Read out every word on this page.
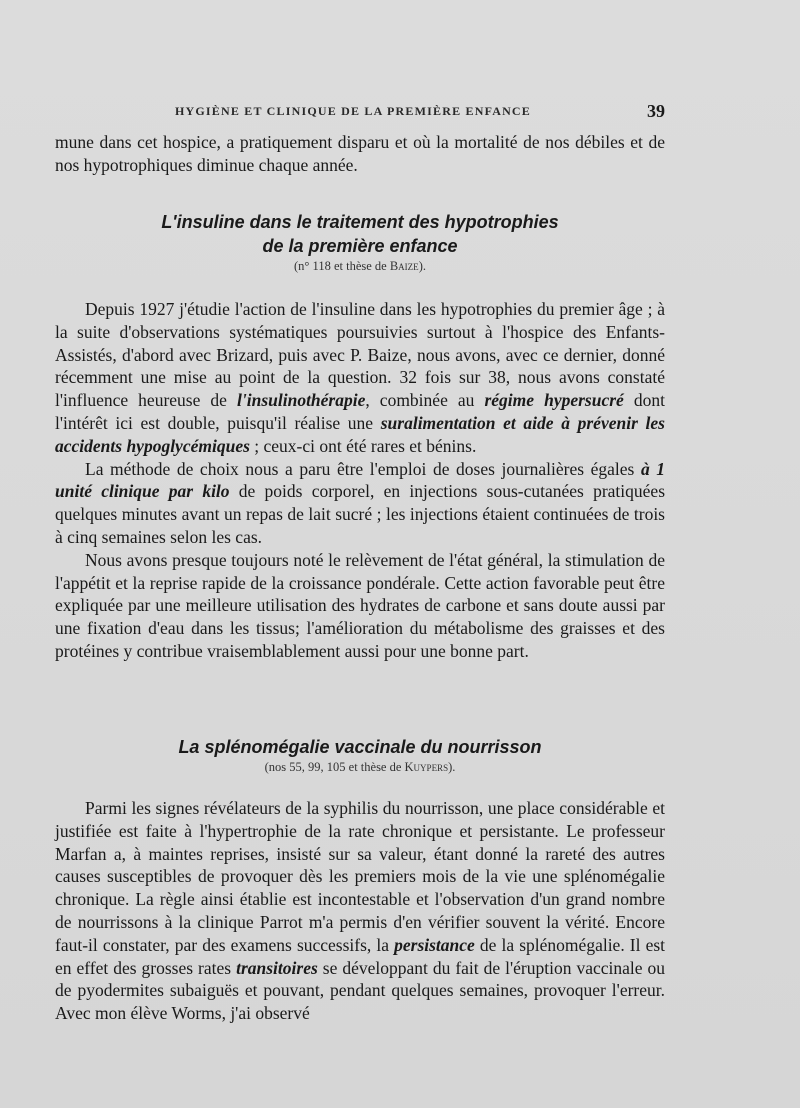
HYGIÈNE ET CLINIQUE DE LA PREMIÈRE ENFANCE	39

mune dans cet hospice, a pratiquement disparu et où la mortalité de nos débiles et de nos hypotrophiques diminue chaque année.

L'insuline dans le traitement des hypotrophies
de la première enfance
(n° 118 et thèse de Baize).

Depuis 1927 j'étudie l'action de l'insuline dans les hypotrophies du premier âge ; à la suite d'observations systématiques poursuivies surtout à l'hospice des Enfants-Assistés, d'abord avec Brizard, puis avec P. Baize, nous avons, avec ce dernier, donné récemment une mise au point de la question. 32 fois sur 38, nous avons constaté l'influence heureuse de l'insulinothérapie, combinée au régime hypersucré dont l'intérêt ici est double, puisqu'il réalise une suralimentation et aide à prévenir les accidents hypoglycémiques ; ceux-ci ont été rares et bénins.

La méthode de choix nous a paru être l'emploi de doses journalières égales à 1 unité clinique par kilo de poids corporel, en injections sous-cutanées pratiquées quelques minutes avant un repas de lait sucré ; les injections étaient continuées de trois à cinq semaines selon les cas.

Nous avons presque toujours noté le relèvement de l'état général, la stimulation de l'appétit et la reprise rapide de la croissance pondérale. Cette action favorable peut être expliquée par une meilleure utilisation des hydrates de carbone et sans doute aussi par une fixation d'eau dans les tissus; l'amélioration du métabolisme des graisses et des protéines y contribue vraisemblablement aussi pour une bonne part.

La splénomégalie vaccinale du nourrisson
(nos 55, 99, 105 et thèse de Kuypers).

Parmi les signes révélateurs de la syphilis du nourrisson, une place considérable et justifiée est faite à l'hypertrophie de la rate chronique et persistante. Le professeur Marfan a, à maintes reprises, insisté sur sa valeur, étant donné la rareté des autres causes susceptibles de provoquer dès les premiers mois de la vie une splénomégalie chronique. La règle ainsi établie est incontestable et l'observation d'un grand nombre de nourrissons à la clinique Parrot m'a permis d'en vérifier souvent la vérité. Encore faut-il constater, par des examens successifs, la persistance de la splénomégalie. Il est en effet des grosses rates transitoires se développant du fait de l'éruption vaccinale ou de pyodermites subaiguës et pouvant, pendant quelques semaines, provoquer l'erreur. Avec mon élève Worms, j'ai observé
